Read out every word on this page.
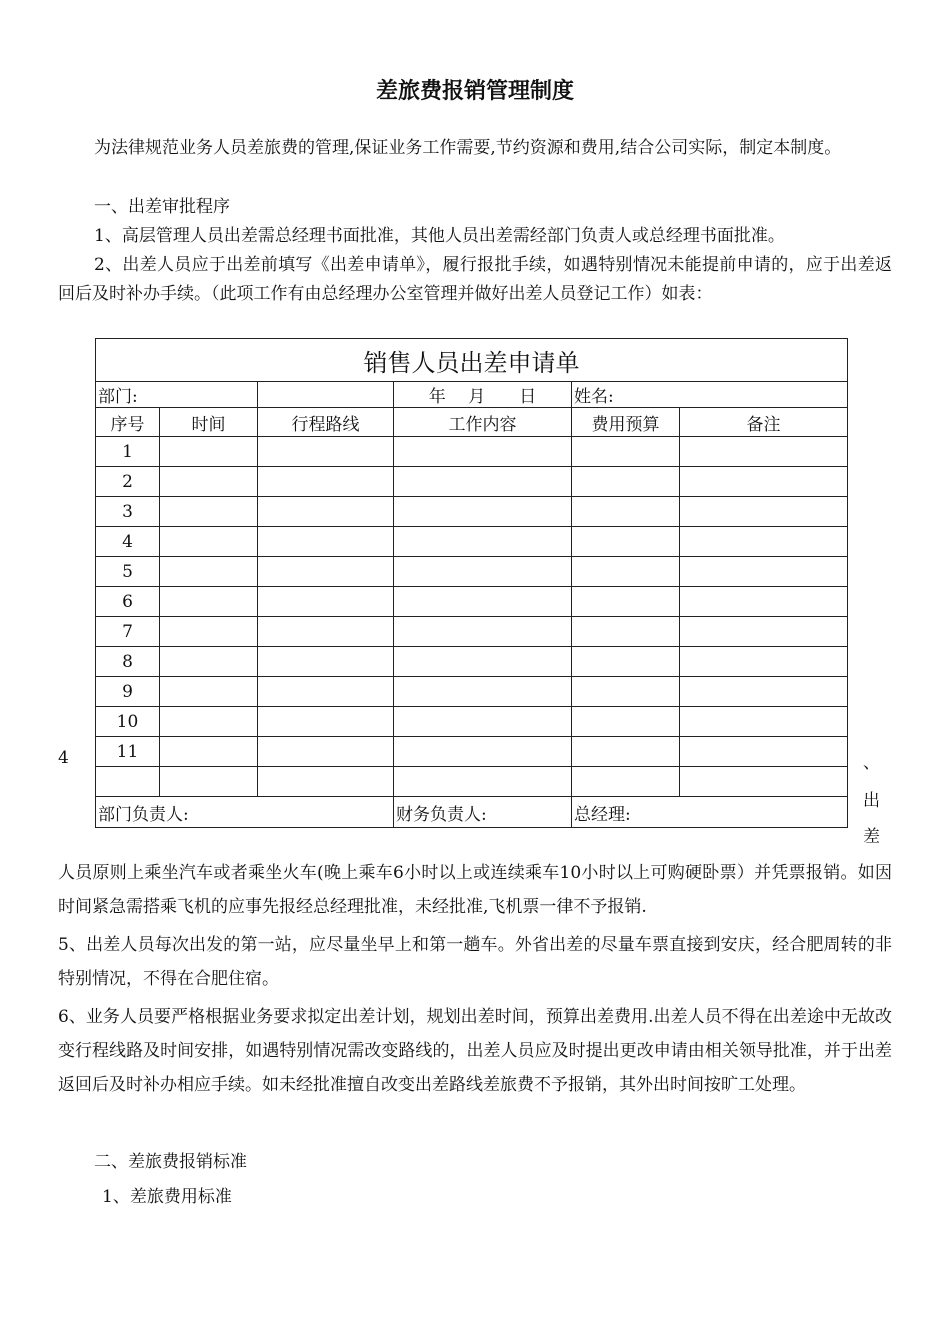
差旅费报销管理制度
为法律规范业务人员差旅费的管理,保证业务工作需要,节约资源和费用,结合公司实际，制定本制度。
一、出差审批程序
1、高层管理人员出差需总经理书面批准，其他人员出差需经部门负责人或总经理书面批准。
2、出差人员应于出差前填写《出差申请单》，履行报批手续，如遇特别情况未能提前申请的，应于出差返回后及时补办手续。（此项工作有由总经理办公室管理并做好出差人员登记工作）如表：
销售人员出差申请单					
部门:			年　 月　　日	姓名:	
序号	时间	行程路线	工作内容	费用预算	备注
1					
2					
3					
4					
5					
6					
7					
8					
9					
10					
11					

部门负责人:			财务负责人:	总经理:	
4	、
出
差
人员原则上乘坐汽车或者乘坐火车(晚上乘车6小时以上或连续乘车10小时以上可购硬卧票）并凭票报销。如因时间紧急需搭乘飞机的应事先报经总经理批准，未经批准,飞机票一律不予报销.
5、出差人员每次出发的第一站，应尽量坐早上和第一趟车。外省出差的尽量车票直接到安庆，经合肥周转的非特别情况，不得在合肥住宿。
6、业务人员要严格根据业务要求拟定出差计划，规划出差时间，预算出差费用.出差人员不得在出差途中无故改变行程线路及时间安排，如遇特别情况需改变路线的，出差人员应及时提出更改申请由相关领导批准，并于出差返回后及时补办相应手续。如未经批准擅自改变出差路线差旅费不予报销，其外出时间按旷工处理。
二、差旅费报销标准
1、差旅费用标准
